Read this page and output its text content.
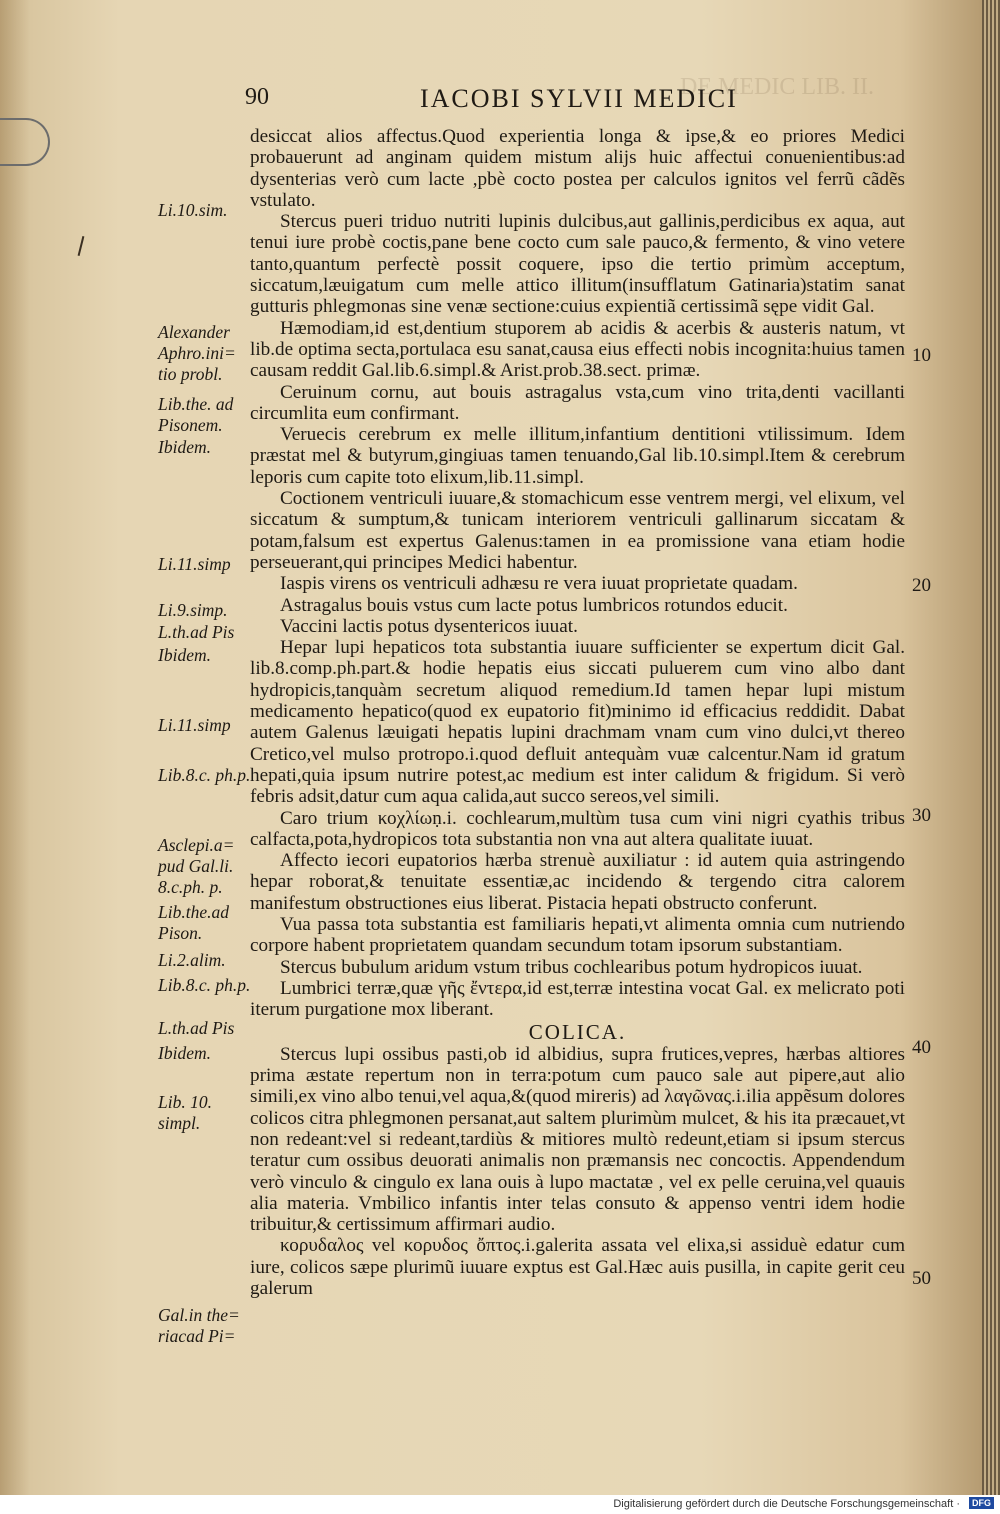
DE MEDIC LIB. II.
90	IACOBI SYLVII MEDICI

desiccat alios affectus.Quod experientia longa & ipse,& eo priores Medici probauerunt ad anginam quidem mistum alijs huic affectui conuenientibus:ad dysenterias verò cum lacte ,pbè cocto postea per calculos ignitos vel ferrũ cãdẽs vstulato.

Stercus pueri triduo nutriti lupinis dulcibus,aut gallinis,perdicibus ex aqua, aut tenui iure probè coctis,pane bene cocto cum sale pauco,& fermento, & vino vetere tanto,quantum perfectè possit coquere, ipso die tertio primùm acceptum, siccatum,læuigatum cum melle attico illitum(insufflatum Gatinaria)statim sanat gutturis phlegmonas sine venæ sectione:cuius expientiã certissimã sępe vidit Gal.

Hæmodiam,id est,dentium stuporem ab acidis & acerbis & austeris natum, vt lib.de optima secta,portulaca esu sanat,causa eius effecti nobis incognita:huius tamen causam reddit Gal.lib.6.simpl.& Arist.prob.38.sect. primæ.

Ceruinum cornu, aut bouis astragalus vsta,cum vino trita,denti vacillanti circumlita eum confirmant.

Veruecis cerebrum ex melle illitum,infantium dentitioni vtilissimum. Idem præstat mel & butyrum,gingiuas tamen tenuando,Gal lib.10.simpl.Item & cerebrum leporis cum capite toto elixum,lib.11.simpl.

Coctionem ventriculi iuuare,& stomachicum esse ventrem mergi, vel elixum, vel siccatum & sumptum,& tunicam interiorem ventriculi gallinarum siccatam & potam,falsum est expertus Galenus:tamen in ea promissione vana etiam hodie perseuerant,qui principes Medici habentur.

Iaspis virens os ventriculi adhæsu re vera iuuat proprietate quadam.

Astragalus bouis vstus cum lacte potus lumbricos rotundos educit.

Vaccini lactis potus dysentericos iuuat.

Hepar lupi hepaticos tota substantia iuuare sufficienter se expertum dicit Gal. lib.8.comp.ph.part.& hodie hepatis eius siccati puluerem cum vino albo dant hydropicis,tanquàm secretum aliquod remedium.Id tamen hepar lupi mistum medicamento hepatico(quod ex eupatorio fit)minimo id efficacius reddidit. Dabat autem Galenus læuigati hepatis lupini drachmam vnam cum vino dulci,vt thereo Cretico,vel mulso protropo.i.quod defluit antequàm vuæ calcentur.Nam id gratum hepati,quia ipsum nutrire potest,ac medium est inter calidum & frigidum. Si verò febris adsit,datur cum aqua calida,aut succo sereos,vel simili.

Caro trium κοχλίωṇ.i. cochlearum,multùm tusa cum vini nigri cyathis tribus calfacta,pota,hydropicos tota substantia non vna aut altera qualitate iuuat.

Affecto iecori eupatorios hærba strenuè auxiliatur : id autem quia astringendo hepar roborat,& tenuitate essentiæ,ac incidendo & tergendo citra calorem manifestum obstructiones eius liberat. Pistacia hepati obstructo conferunt.

Vua passa tota substantia est familiaris hepati,vt alimenta omnia cum nutriendo corpore habent proprietatem quandam secundum totam ipsorum substantiam.

Stercus bubulum aridum vstum tribus cochlearibus potum hydropicos iuuat.

Lumbrici terræ,quæ γῆς ἔντερα,id est,terræ intestina vocat Gal. ex melicrato poti iterum purgatione mox liberant.

COLICA.

Stercus lupi ossibus pasti,ob id albidius, supra frutices,vepres, hærbas altiores prima æstate repertum non in terra:potum cum pauco sale aut pipere,aut alio simili,ex vino albo tenui,vel aqua,&(quod mireris) ad λαγῶνας.i.ilia appẽsum dolores colicos citra phlegmonen persanat,aut saltem plurimùm mulcet, & his ita præcauet,vt non redeant:vel si redeant,tardiùs & mitiores multò redeunt,etiam si ipsum stercus teratur cum ossibus deuorati animalis non præmansis nec concoctis. Appendendum verò vinculo & cingulo ex lana ouis à lupo mactatæ , vel ex pelle ceruina,vel quauis alia materia. Vmbilico infantis inter telas consuto & appenso ventri idem hodie tribuitur,& certissimum affirmari audio.

κορυδαλος vel κορυδος ὄπτος.i.galerita assata vel elixa,si assiduè edatur cum iure, colicos sæpe plurimũ iuuare exptus est Gal.Hæc auis pusilla, in capite gerit ceu galerum

Li.10.sim.
Alexander Aphro.ini= tio probl.
Lib.the. ad Pisonem.
Ibidem.
Li.11.simp
Li.9.simp.
L.th.ad Pis
Ibidem.
Li.11.simp
Lib.8.c. ph.p.
Asclepi.a= pud Gal.li. 8.c.ph. p.
Lib.the.ad Pison.
Li.2.alim.
Lib.8.c. ph.p.
L.th.ad Pis
Ibidem.
Lib. 10. simpl.
Gal.in the= riacad Pi=
10
20
30
40
50
Digitalisierung gefördert durch die Deutsche Forschungsgemeinschaft ·	DFG
